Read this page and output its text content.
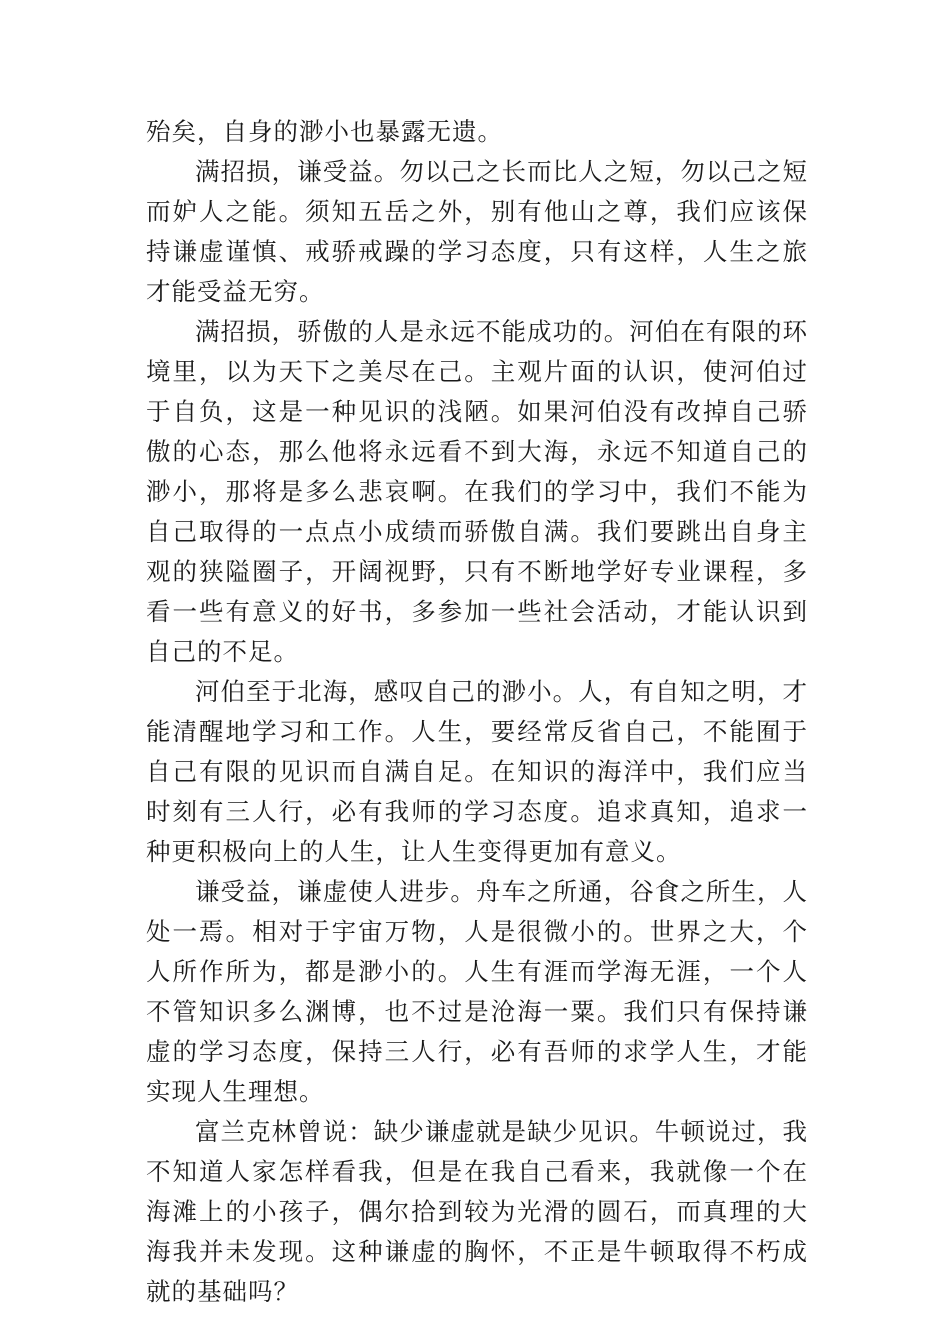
殆矣，自身的渺小也暴露无遗。

满招损，谦受益。勿以己之长而比人之短，勿以己之短而妒人之能。须知五岳之外，别有他山之尊，我们应该保持谦虚谨慎、戒骄戒躁的学习态度，只有这样，人生之旅才能受益无穷。

满招损，骄傲的人是永远不能成功的。河伯在有限的环境里，以为天下之美尽在己。主观片面的认识，使河伯过于自负，这是一种见识的浅陋。如果河伯没有改掉自己骄傲的心态，那么他将永远看不到大海，永远不知道自己的渺小，那将是多么悲哀啊。在我们的学习中，我们不能为自己取得的一点点小成绩而骄傲自满。我们要跳出自身主观的狭隘圈子，开阔视野，只有不断地学好专业课程，多看一些有意义的好书，多参加一些社会活动，才能认识到自己的不足。

河伯至于北海，感叹自己的渺小。人，有自知之明，才能清醒地学习和工作。人生，要经常反省自己，不能囿于自己有限的见识而自满自足。在知识的海洋中，我们应当时刻有三人行，必有我师的学习态度。追求真知，追求一种更积极向上的人生，让人生变得更加有意义。

谦受益，谦虚使人进步。舟车之所通，谷食之所生，人处一焉。相对于宇宙万物，人是很微小的。世界之大，个人所作所为，都是渺小的。人生有涯而学海无涯，一个人不管知识多么渊博，也不过是沧海一粟。我们只有保持谦虚的学习态度，保持三人行，必有吾师的求学人生，才能实现人生理想。

富兰克林曾说：缺少谦虚就是缺少见识。牛顿说过，我不知道人家怎样看我，但是在我自己看来，我就像一个在海滩上的小孩子，偶尔拾到较为光滑的圆石，而真理的大海我并未发现。这种谦虚的胸怀，不正是牛顿取得不朽成就的基础吗？
